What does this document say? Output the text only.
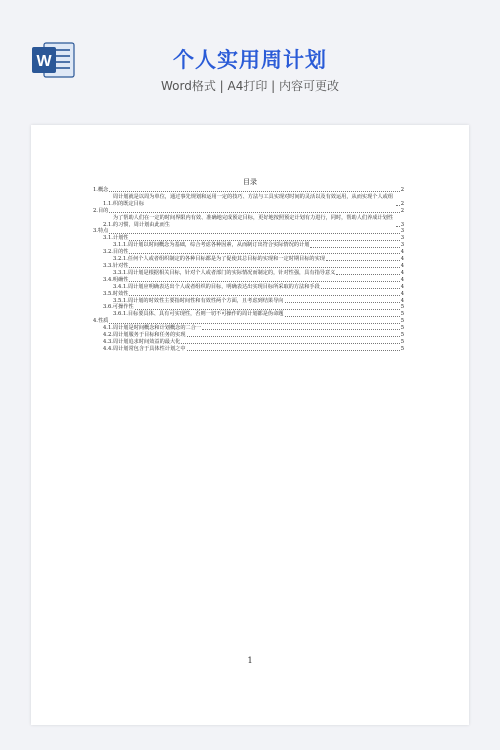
W	个人实用周计划
Word格式 | A4打印 | 内容可更改
目录
1. 概念	2
1.1.
周计划就是以周为单位，通过事先规划和运用一定的技巧、方法与工具实现对时间的灵活以及有效运用，从而实现个人或组织的既定目标	2
2. 目的	2
2.1.
为了帮助人们在一定的时间界限内有效、准确地完成预定目标，更好地按照预定计划有力进行，同时，帮助人们养成计划性的习惯，周计划由此而生	3
3. 特点	3
3.1. 计划性	3
3.1.1. 周计划以时间概念为基础，综合考虑各种因素，从而制订出符合实际情况的计划	3
3.2. 目的性	4
3.2.1. 任何个人或者组织制定的各种目标都是为了促使其总目标的实现和一定时期目标的实现	4
3.3. 针对性	4
3.3.1. 周计划是根据相关目标，针对个人或者部门的实际情况而制定的，针对性强，具有指导意义	4
3.4. 明确性	4
3.4.1. 周计划应明确表达出个人或者组织的目标，明确表达出实现目标所采取的方法和手段	4
3.5. 时效性	4
3.5.1. 周计划的时效性主要指时间性和有效性两个方面，且考虑到结果导向	4
3.6. 可操作性	5
3.6.1. 目标要具体、具有可实现性，否则一切不可操作的周计划都是伪命题	5
4. 性质	5
4.1. 周计划是时间概念和计划概念的二合一	5
4.2. 周计划服务于目标和任务的实现	5
4.3. 周计划追求时间效益的最大化	5
4.4. 周计划常包含于具体性计划之中	5
1
